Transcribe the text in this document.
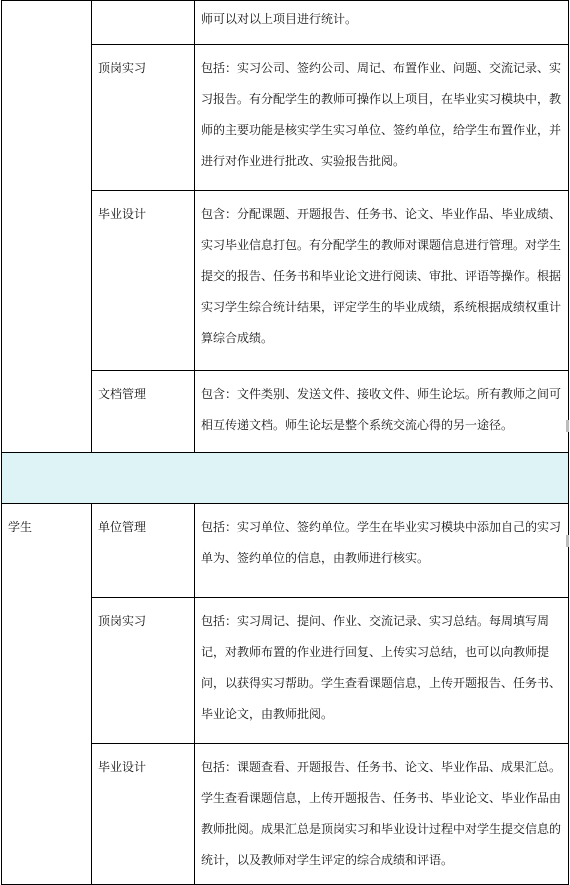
		师可以对以上项目进行统计。

	顶岗实习	包括：实习公司、签约公司、周记、布置作业、问题、交流记录、实习报告。有分配学生的教师可操作以上项目，在毕业实习模块中，教师的主要功能是核实学生实习单位、签约单位，给学生布置作业，并进行对作业进行批改、实验报告批阅。

	毕业设计	包含：分配课题、开题报告、任务书、论文、毕业作品、毕业成绩、实习毕业信息打包。有分配学生的教师对课题信息进行管理。对学生提交的报告、任务书和毕业论文进行阅读、审批、评语等操作。根据实习学生综合统计结果，评定学生的毕业成绩，系统根据成绩权重计算综合成绩。

	文档管理	包含：文件类别、发送文件、接收文件、师生论坛。所有教师之间可相互传递文档。师生论坛是整个系统交流心得的另一途径。

学生	单位管理	包括：实习单位、签约单位。学生在毕业实习模块中添加自己的实习单为、签约单位的信息，由教师进行核实。

	顶岗实习	包括：实习周记、提问、作业、交流记录、实习总结。每周填写周记，对教师布置的作业进行回复、上传实习总结，也可以向教师提问，以获得实习帮助。学生查看课题信息，上传开题报告、任务书、毕业论文，由教师批阅。

	毕业设计	包括：课题查看、开题报告、任务书、论文、毕业作品、成果汇总。学生查看课题信息，上传开题报告、任务书、毕业论文、毕业作品由教师批阅。成果汇总是顶岗实习和毕业设计过程中对学生提交信息的统计，以及教师对学生评定的综合成绩和评语。
